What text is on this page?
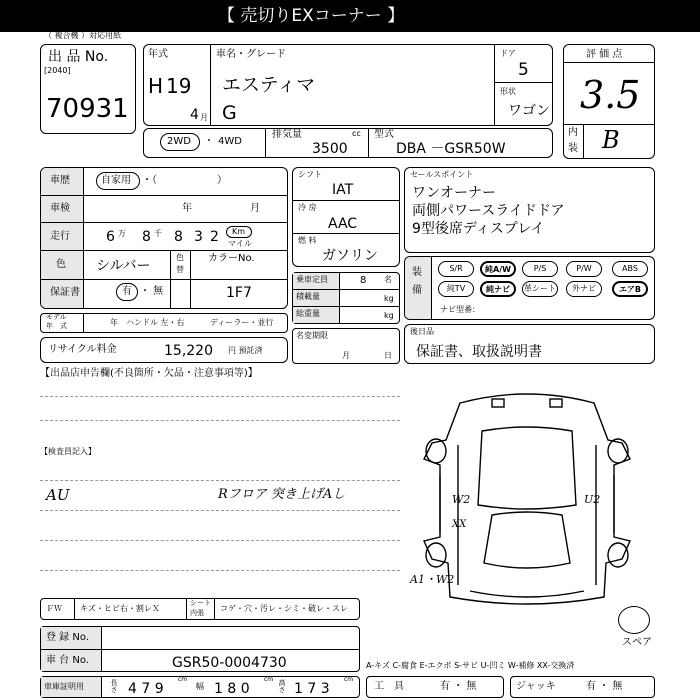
【 売切りEXコーナー 】
（ 複合機 ）対応用紙
出 品 No.
[2040]
70931
年式
H 19
4 月
車名・グレード
エスティマ
G
ドア
5
形状
ワゴン
評 価 点
3.5
内
装 B
2WD ・ 4WD
排気量	cc
3500
型式
DBA －GSR50W
車歴	自家用 ・（　　　　　　）
車検	年	月
走行	6 万 8 千 8 3 2 Km
マイル
色 シルバー
色
替
カラーNo.
1F7
保証書	有 ・ 無
モデル
年　式	年 ハンドル 左・右	ディーラー・並行
リサイクル料金	15,220 円 預託済
シフト
IAT
冷 房
AAC
燃 料
ガソリン
乗車定員	8 名
積載量	kg
総重量	kg
名変期限
月	日
セールスポイント
ワンオーナー
両側パワースライドドア
9型後席ディスプレイ
装
備
S/R	純A/W	P/S	P/W	ABS
純TV	純ナビ	革シート	外ナビ	エアB
ナビ型番：
後日品
保証書、取扱説明書
【出品店申告欄(不良箇所・欠品・注意事項等)】
【検査員記入】
AU	Rフロア 突き上げAし	W2	U2
XX
A1・W2
スペア
ＦＷ キズ・ヒビ右・割レＸ
シート
内張 コゲ・穴・汚レ・シミ・破レ・スレ
登 録 No.
車 台 No.	GSR50-0004730	A-キズ C-腐食 E-エクボ S-サビ U-凹ミ W-補修 XX-交換済
車庫証明用	長さ 4 7 9
cm
幅 1 8 0
cm 高さ 1 7 3
cm
工　具	有 ・ 無	ジャッキ	有 ・ 無
